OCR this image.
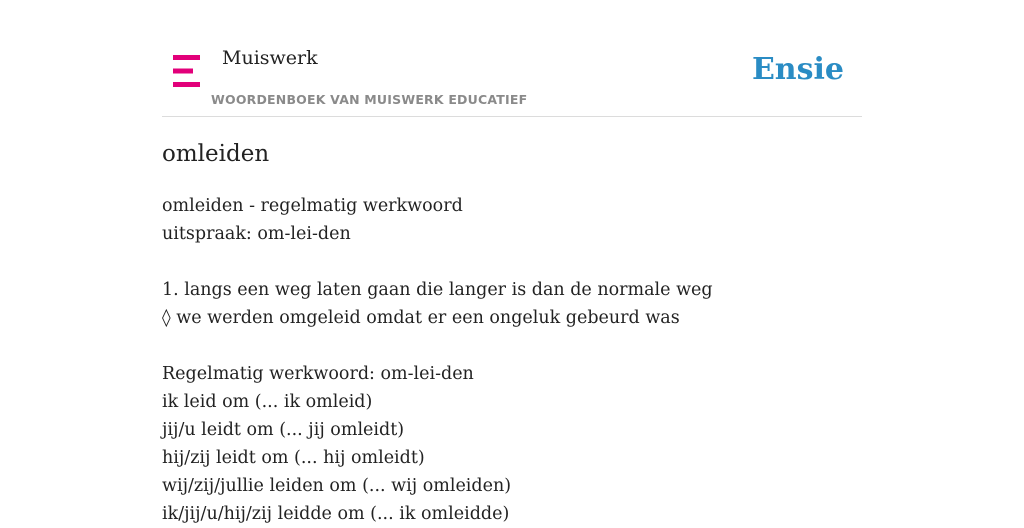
Muiswerk
WOORDENBOEK VAN MUISWERK EDUCATIEF
Ensie
omleiden
omleiden - regelmatig werkwoord
uitspraak: om-lei-den
1. langs een weg laten gaan die langer is dan de normale weg
◊ we werden omgeleid omdat er een ongeluk gebeurd was
Regelmatig werkwoord: om-lei-den
ik leid om (... ik omleid)
jij/u leidt om (... jij omleidt)
hij/zij leidt om (... hij omleidt)
wij/zij/jullie leiden om (... wij omleiden)
ik/jij/u/hij/zij leidde om (... ik omleidde)
